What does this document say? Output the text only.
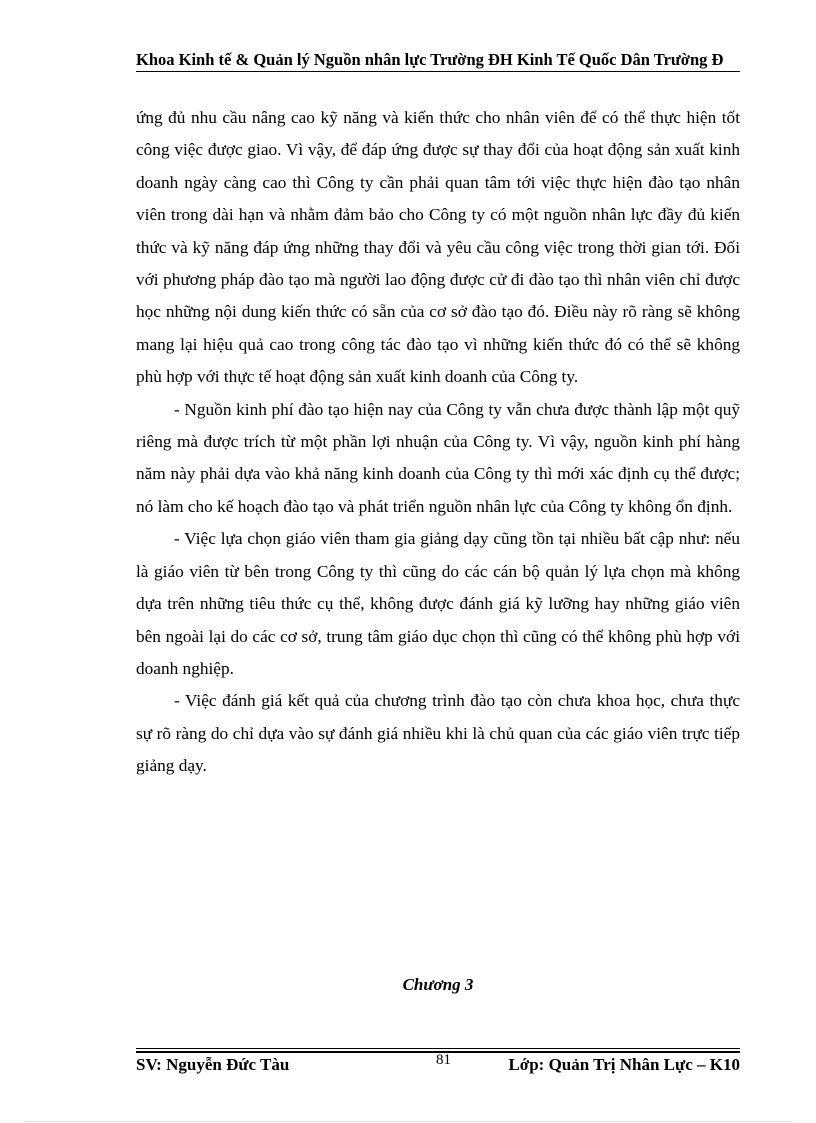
Khoa Kinh tế & Quản lý Nguồn nhân lực Trường ĐH Kinh Tế Quốc Dân Trường Đ

ứng đủ nhu cầu nâng cao kỹ năng và kiến thức cho nhân viên để có thể thực hiện tốt công việc được giao. Vì vậy, để đáp ứng được sự thay đổi của hoạt động sản xuất kinh doanh ngày càng cao thì Công ty cần phải quan tâm tới việc thực hiện đào tạo nhân viên trong dài hạn và nhằm đảm bảo cho Công ty có một nguồn nhân lực đầy đủ kiến thức và kỹ năng đáp ứng những thay đổi và yêu cầu công việc trong thời gian tới. Đối với phương pháp đào tạo mà người lao động được cử đi đào tạo thì nhân viên chỉ được học những nội dung kiến thức có sẵn của cơ sở đào tạo đó. Điều này rõ ràng sẽ không mang lại hiệu quả cao trong công tác đào tạo vì những kiến thức đó có thể sẽ không phù hợp với thực tế hoạt động sản xuất kinh doanh của Công ty.

- Nguồn kinh phí đào tạo hiện nay của Công ty vẫn chưa được thành lập một quỹ riêng mà được trích từ một phần lợi nhuận của Công ty. Vì vậy, nguồn kinh phí hàng năm này phải dựa vào khả năng kinh doanh của Công ty thì mới xác định cụ thể được; nó làm cho kế hoạch đào tạo và phát triển nguồn nhân lực của Công ty không ổn định.

- Việc lựa chọn giáo viên tham gia giảng dạy cũng tồn tại nhiều bất cập như: nếu là giáo viên từ bên trong Công ty thì cũng do các cán bộ quản lý lựa chọn mà không dựa trên những tiêu thức cụ thể, không được đánh giá kỹ lưỡng hay những giáo viên bên ngoài lại do các cơ sở, trung tâm giáo dục chọn thì cũng có thể không phù hợp với doanh nghiệp.

- Việc đánh giá kết quả của chương trình đào tạo còn chưa khoa học, chưa thực sự rõ ràng do chỉ dựa vào sự đánh giá nhiều khi là chủ quan của các giáo viên trực tiếp giảng dạy.

Chương 3
SV: Nguyễn Đức Tàu	81	Lớp: Quản Trị Nhân Lực – K10
